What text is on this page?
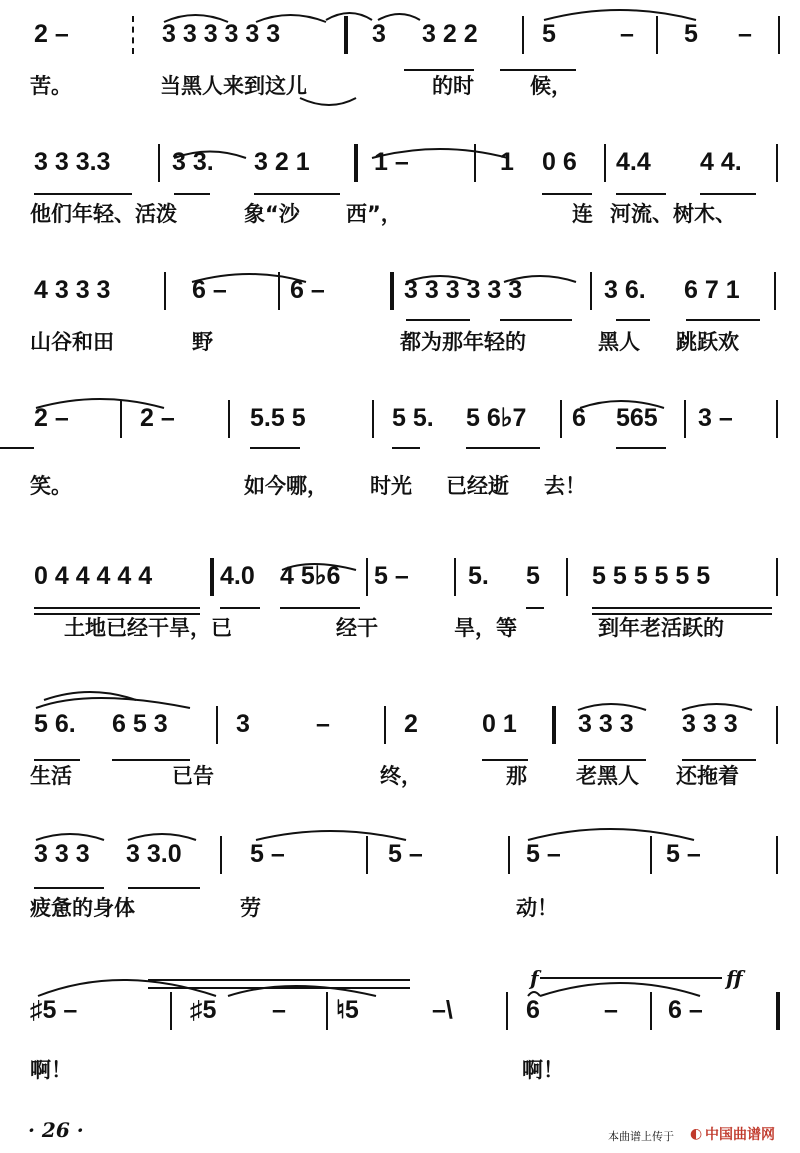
2 –	3 3 3 3 3 3	3 3 2 2	5	– 5 –
苦。	当黑人来到这儿	的时	候，
3 3 3.3 3 3. 3 2 1	1 –	1 0 6 4.4 4 4.
他们年轻、活泼	象“沙 西”，	连 河流、树木、
4 3 3 3	6 –	6 –	3 3 3 3 3 3	3 6. 6 7 1
山谷和田	野	都为那年轻的	黑人 跳跃欢
2 –	2 –	5.5 5	5 5. 5 6♭7 6 565 3 –
笑。	如今哪， 时光 已经逝 去！
0 4 4 4 4 4	4.0 4 5♭6 5 – 5. 5 5 5 5 5 5 5
土地已经干旱，已	经干	旱，等	到年老活跃的
5 6. 6 5 3	3	–	2	0 1 3 3 3 3 3 3
生活	已告	终，	那 老黑人 还拖着
3 3 3 3 3.0	5 –	5 –	5 –	5 –
疲惫的身体	劳	动！
♯5 –	♯5 – ♮5	–\	6	– 6 –
啊！	啊！
· 26 ·	本曲谱上传于 ◐ 中国曲谱网
f	ff
